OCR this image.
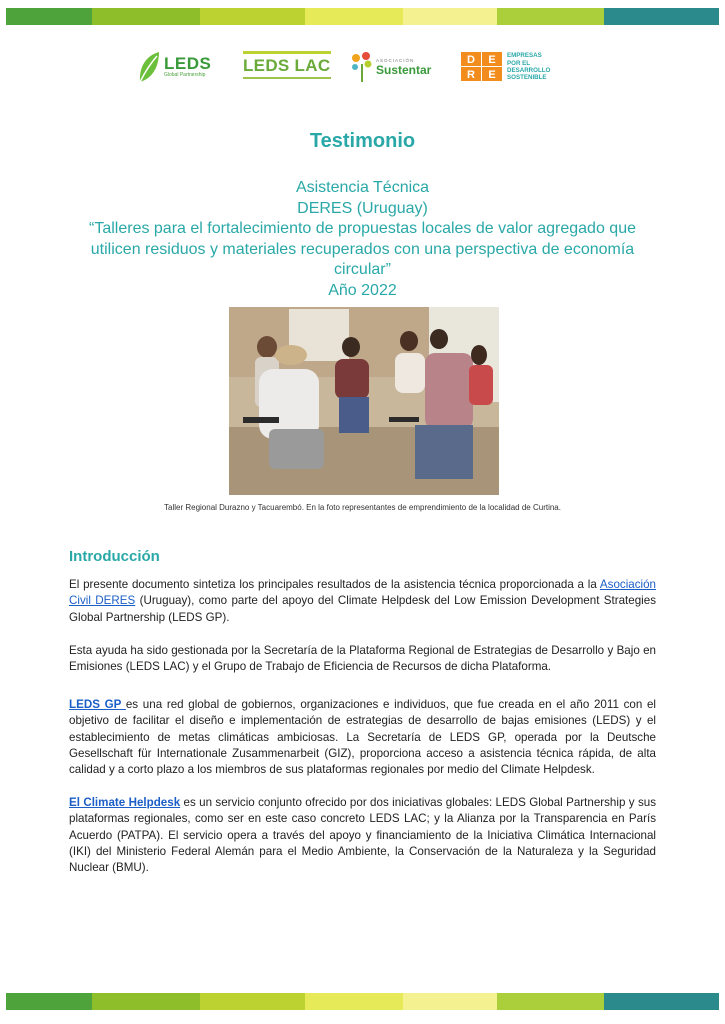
LEDS
Global Partnership	LEDS LAC	ASOCIACIÓN
Sustentar
D E
R E
EMPRESAS
POR EL
DESARROLLO
SOSTENIBLE
Testimonio
Asistencia Técnica
DERES (Uruguay)
“Talleres para el fortalecimiento de propuestas locales de valor agregado que
utilicen residuos y materiales recuperados con una perspectiva de economía
circular”
Año 2022
Taller Regional Durazno y Tacuarembó. En la foto representantes de emprendimiento de la localidad de Curtina.
Introducción
El presente documento sintetiza los principales resultados de la asistencia técnica proporcionada a la Asociación Civil DERES (Uruguay), como parte del apoyo del Climate Helpdesk del Low Emission Development Strategies Global Partnership (LEDS GP).
Esta ayuda ha sido gestionada por la Secretaría de la Plataforma Regional de Estrategias de Desarrollo y Bajo en Emisiones (LEDS LAC) y el Grupo de Trabajo de Eficiencia de Recursos de dicha Plataforma.
LEDS GP es una red global de gobiernos, organizaciones e individuos, que fue creada en el año 2011 con el objetivo de facilitar el diseño e implementación de estrategias de desarrollo de bajas emisiones (LEDS) y el establecimiento de metas climáticas ambiciosas. La Secretaría de LEDS GP, operada por la Deutsche Gesellschaft für Internationale Zusammenarbeit (GIZ), proporciona acceso a asistencia técnica rápida, de alta calidad y a corto plazo a los miembros de sus plataformas regionales por medio del Climate Helpdesk.
El Climate Helpdesk es un servicio conjunto ofrecido por dos iniciativas globales: LEDS Global Partnership y sus plataformas regionales, como ser en este caso concreto LEDS LAC; y la Alianza por la Transparencia en París Acuerdo (PATPA). El servicio opera a través del apoyo y financiamiento de la Iniciativa Climática Internacional (IKI) del Ministerio Federal Alemán para el Medio Ambiente, la Conservación de la Naturaleza y la Seguridad Nuclear (BMU).
